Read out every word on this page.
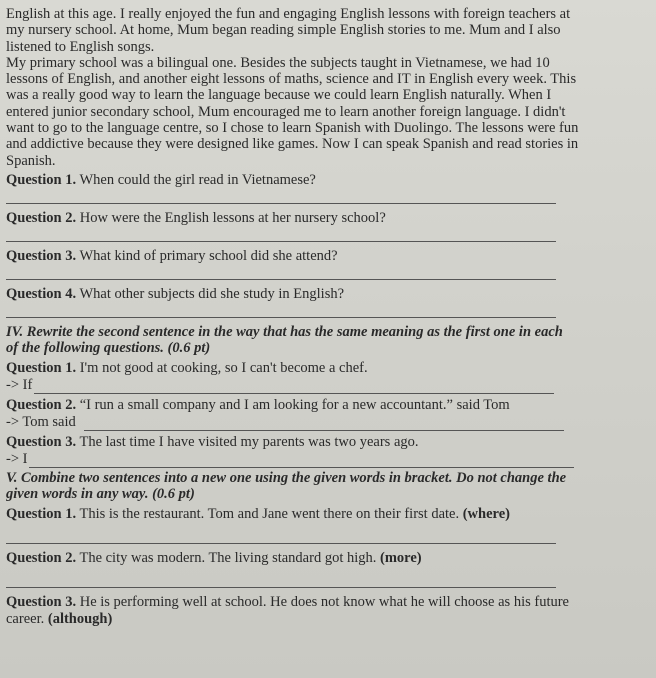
English at this age. I really enjoyed the fun and engaging English lessons with foreign teachers at
my nursery school. At home, Mum began reading simple English stories to me. Mum and I also
listened to English songs.
My primary school was a bilingual one. Besides the subjects taught in Vietnamese, we had 10
lessons of English, and another eight lessons of maths, science and IT in English every week. This
was a really good way to learn the language because we could learn English naturally. When I
entered junior secondary school, Mum encouraged me to learn another foreign language. I didn't
want to go to the language centre, so I chose to learn Spanish with Duolingo. The lessons were fun
and addictive because they were designed like games. Now I can speak Spanish and read stories in
Spanish.
Question 1. When could the girl read in Vietnamese?
Question 2. How were the English lessons at her nursery school?
Question 3. What kind of primary school did she attend?
Question 4. What other subjects did she study in English?
IV. Rewrite the second sentence in the way that has the same meaning as the first one in each
of the following questions. (0.6 pt)
Question 1. I'm not good at cooking, so I can't become a chef.
-> If
Question 2. “I run a small company and I am looking for a new accountant.” said Tom
-> Tom said
Question 3. The last time I have visited my parents was two years ago.
-> I
V. Combine two sentences into a new one using the given words in bracket. Do not change the
given words in any way. (0.6 pt)
Question 1. This is the restaurant. Tom and Jane went there on their first date. (where)
Question 2. The city was modern. The living standard got high. (more)
Question 3. He is performing well at school. He does not know what he will choose as his future
career. (although)
